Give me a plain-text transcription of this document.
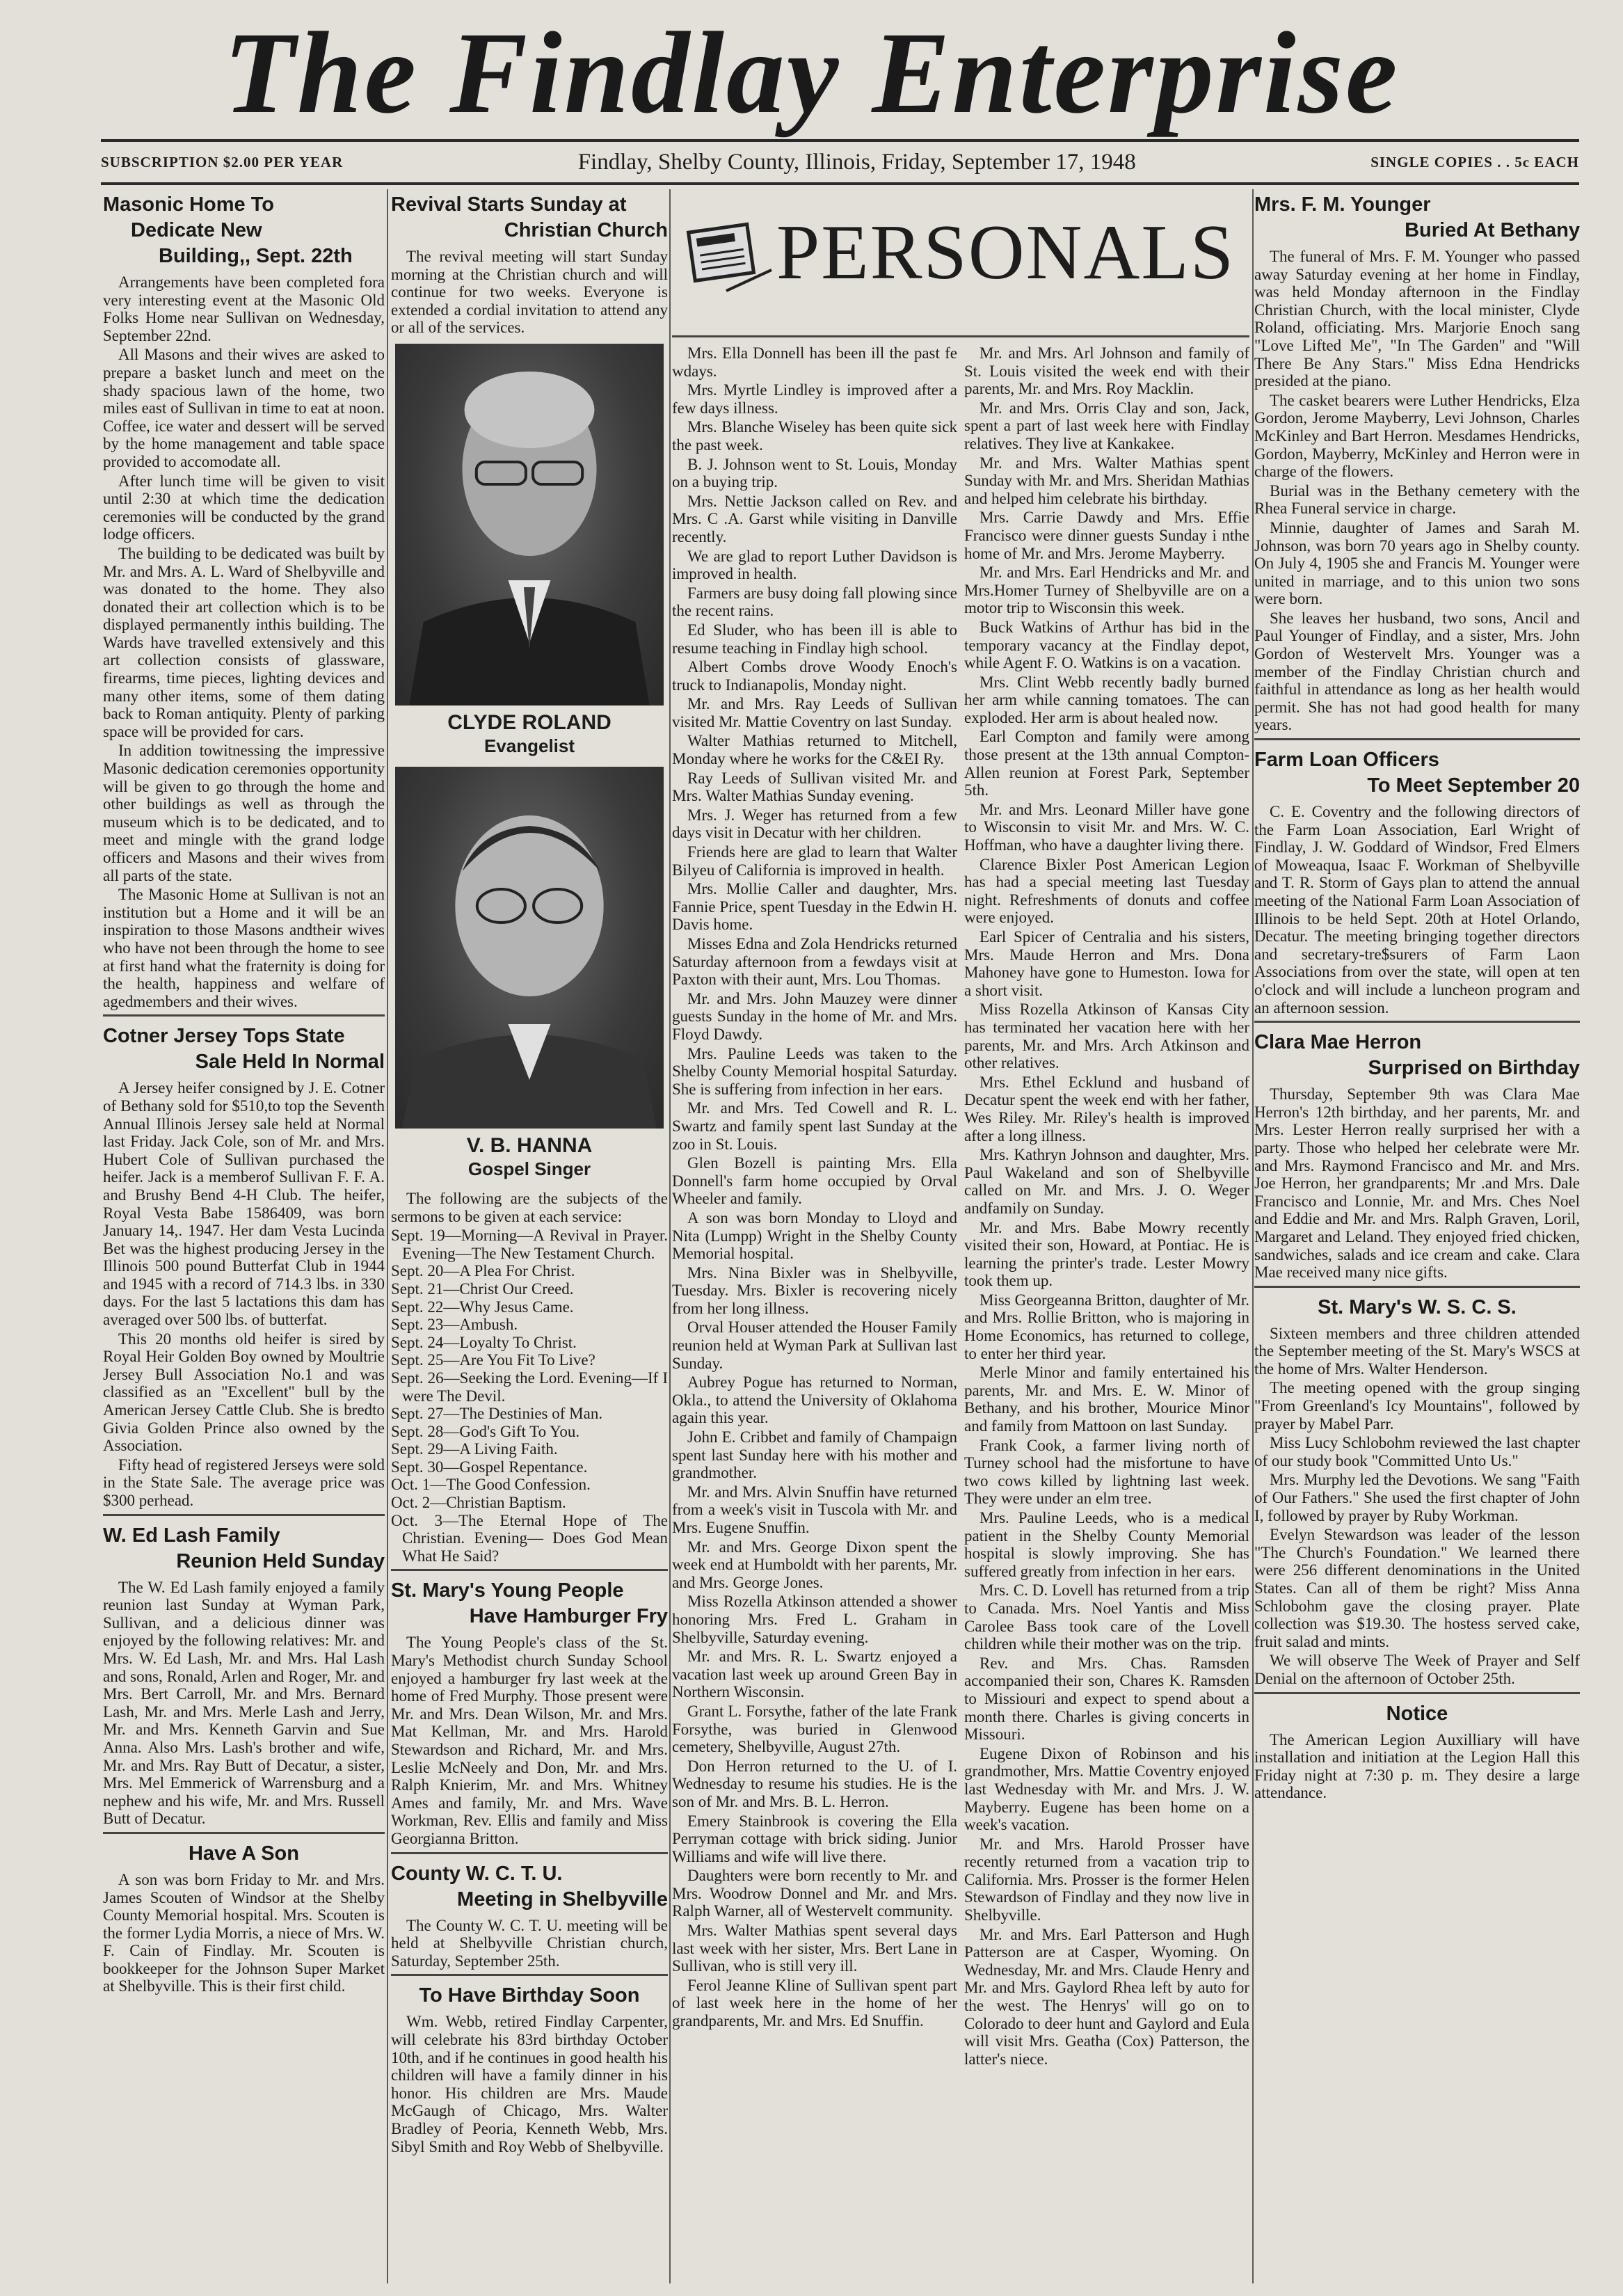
The Findlay Enterprise
SUBSCRIPTION $2.00 PER YEAR	Findlay, Shelby County, Illinois, Friday, September 17, 1948	SINGLE COPIES . . 5c EACH
Masonic Home To
Dedicate New
Building,, Sept. 22th

Arrangements have been completed fora very interesting event at the Masonic Old Folks Home near Sullivan on Wednesday, September 22nd.

All Masons and their wives are asked to prepare a basket lunch and meet on the shady spacious lawn of the home, two miles east of Sullivan in time to eat at noon. Coffee, ice water and dessert will be served by the home management and table space provided to accomodate all.

After lunch time will be given to visit until 2:30 at which time the dedication ceremonies will be conducted by the grand lodge officers.

The building to be dedicated was built by Mr. and Mrs. A. L. Ward of Shelbyville and was donated to the home. They also donated their art collection which is to be displayed permanently inthis building. The Wards have travelled extensively and this art collection consists of glassware, firearms, time pieces, lighting devices and many other items, some of them dating back to Roman antiquity. Plenty of parking space will be provided for cars.

In addition towitnessing the impressive Masonic dedication ceremonies opportunity will be given to go through the home and other buildings as well as through the museum which is to be dedicated, and to meet and mingle with the grand lodge officers and Masons and their wives from all parts of the state.

The Masonic Home at Sullivan is not an institution but a Home and it will be an inspiration to those Masons andtheir wives who have not been through the home to see at first hand what the fraternity is doing for the health, happiness and welfare of agedmembers and their wives.

Cotner Jersey Tops State
Sale Held In Normal

A Jersey heifer consigned by J. E. Cotner of Bethany sold for $510,to top the Seventh Annual Illinois Jersey sale held at Normal last Friday. Jack Cole, son of Mr. and Mrs. Hubert Cole of Sullivan purchased the heifer. Jack is a memberof Sullivan F. F. A. and Brushy Bend 4-H Club. The heifer, Royal Vesta Babe 1586409, was born January 14,. 1947. Her dam Vesta Lucinda Bet was the highest producing Jersey in the Illinois 500 pound Butterfat Club in 1944 and 1945 with a record of 714.3 lbs. in 330 days. For the last 5 lactations this dam has averaged over 500 lbs. of butterfat.

This 20 months old heifer is sired by Royal Heir Golden Boy owned by Moultrie Jersey Bull Association No.1 and was classified as an "Excellent" bull by the American Jersey Cattle Club. She is bredto Givia Golden Prince also owned by the Association.

Fifty head of registered Jerseys were sold in the State Sale. The average price was $300 perhead.

W. Ed Lash Family
Reunion Held Sunday

The W. Ed Lash family enjoyed a family reunion last Sunday at Wyman Park, Sullivan, and a delicious dinner was enjoyed by the following relatives: Mr. and Mrs. W. Ed Lash, Mr. and Mrs. Hal Lash and sons, Ronald, Arlen and Roger, Mr. and Mrs. Bert Carroll, Mr. and Mrs. Bernard Lash, Mr. and Mrs. Merle Lash and Jerry, Mr. and Mrs. Kenneth Garvin and Sue Anna. Also Mrs. Lash's brother and wife, Mr. and Mrs. Ray Butt of Decatur, a sister, Mrs. Mel Emmerick of Warrensburg and a nephew and his wife, Mr. and Mrs. Russell Butt of Decatur.

Have A Son

A son was born Friday to Mr. and Mrs. James Scouten of Windsor at the Shelby County Memorial hospital. Mrs. Scouten is the former Lydia Morris, a niece of Mrs. W. F. Cain of Findlay. Mr. Scouten is bookkeeper for the Johnson Super Market at Shelbyville. This is their first child.

Revival Starts Sunday at
Christian Church

The revival meeting will start Sunday morning at the Christian church and will continue for two weeks. Everyone is extended a cordial invitation to attend any or all of the services.

CLYDE ROLAND
Evangelist
V. B. HANNA
Gospel Singer

The following are the subjects of the sermons to be given at each service:

Sept. 19—Morning—A Revival in Prayer. Evening—The New Testament Church.
Sept. 20—A Plea For Christ.
Sept. 21—Christ Our Creed.
Sept. 22—Why Jesus Came.
Sept. 23—Ambush.
Sept. 24—Loyalty To Christ.
Sept. 25—Are You Fit To Live?
Sept. 26—Seeking the Lord. Evening—If I were The Devil.
Sept. 27—The Destinies of Man.
Sept. 28—God's Gift To You.
Sept. 29—A Living Faith.
Sept. 30—Gospel Repentance.
Oct. 1—The Good Confession.
Oct. 2—Christian Baptism.
Oct. 3—The Eternal Hope of The Christian. Evening— Does God Mean What He Said?
St. Mary's Young People
Have Hamburger Fry

The Young People's class of the St. Mary's Methodist church Sunday School enjoyed a hamburger fry last week at the home of Fred Murphy. Those present were Mr. and Mrs. Dean Wilson, Mr. and Mrs. Mat Kellman, Mr. and Mrs. Harold Stewardson and Richard, Mr. and Mrs. Leslie McNeely and Don, Mr. and Mrs. Ralph Knierim, Mr. and Mrs. Whitney Ames and family, Mr. and Mrs. Wave Workman, Rev. Ellis and family and Miss Georgianna Britton.

County W. C. T. U.
Meeting in Shelbyville

The County W. C. T. U. meeting will be held at Shelbyville Christian church, Saturday, September 25th.

To Have Birthday Soon

Wm. Webb, retired Findlay Carpenter, will celebrate his 83rd birthday October 10th, and if he continues in good health his children will have a family dinner in his honor. His children are Mrs. Maude McGaugh of Chicago, Mrs. Walter Bradley of Peoria, Kenneth Webb, Mrs. Sibyl Smith and Roy Webb of Shelbyville.

PERSONALS

Mrs. Ella Donnell has been ill the past fe wdays.

Mrs. Myrtle Lindley is improved after a few days illness.

Mrs. Blanche Wiseley has been quite sick the past week.

B. J. Johnson went to St. Louis, Monday on a buying trip.

Mrs. Nettie Jackson called on Rev. and Mrs. C .A. Garst while visiting in Danville recently.

We are glad to report Luther Davidson is improved in health.

Farmers are busy doing fall plowing since the recent rains.

Ed Sluder, who has been ill is able to resume teaching in Findlay high school.

Albert Combs drove Woody Enoch's truck to Indianapolis, Monday night.

Mr. and Mrs. Ray Leeds of Sullivan visited Mr. Mattie Coventry on last Sunday.

Walter Mathias returned to Mitchell, Monday where he works for the C&EI Ry.

Ray Leeds of Sullivan visited Mr. and Mrs. Walter Mathias Sunday evening.

Mrs. J. Weger has returned from a few days visit in Decatur with her children.

Friends here are glad to learn that Walter Bilyeu of California is improved in health.

Mrs. Mollie Caller and daughter, Mrs. Fannie Price, spent Tuesday in the Edwin H. Davis home.

Misses Edna and Zola Hendricks returned Saturday afternoon from a fewdays visit at Paxton with their aunt, Mrs. Lou Thomas.

Mr. and Mrs. John Mauzey were dinner guests Sunday in the home of Mr. and Mrs. Floyd Dawdy.

Mrs. Pauline Leeds was taken to the Shelby County Memorial hospital Saturday. She is suffering from infection in her ears.

Mr. and Mrs. Ted Cowell and R. L. Swartz and family spent last Sunday at the zoo in St. Louis.

Glen Bozell is painting Mrs. Ella Donnell's farm home occupied by Orval Wheeler and family.

A son was born Monday to Lloyd and Nita (Lumpp) Wright in the Shelby County Memorial hospital.

Mrs. Nina Bixler was in Shelbyville, Tuesday. Mrs. Bixler is recovering nicely from her long illness.

Orval Houser attended the Houser Family reunion held at Wyman Park at Sullivan last Sunday.

Aubrey Pogue has returned to Norman, Okla., to attend the University of Oklahoma again this year.

John E. Cribbet and family of Champaign spent last Sunday here with his mother and grandmother.

Mr. and Mrs. Alvin Snuffin have returned from a week's visit in Tuscola with Mr. and Mrs. Eugene Snuffin.

Mr. and Mrs. George Dixon spent the week end at Humboldt with her parents, Mr. and Mrs. George Jones.

Miss Rozella Atkinson attended a shower honoring Mrs. Fred L. Graham in Shelbyville, Saturday evening.

Mr. and Mrs. R. L. Swartz enjoyed a vacation last week up around Green Bay in Northern Wisconsin.

Grant L. Forsythe, father of the late Frank Forsythe, was buried in Glenwood cemetery, Shelbyville, August 27th.

Don Herron returned to the U. of I. Wednesday to resume his studies. He is the son of Mr. and Mrs. B. L. Herron.

Emery Stainbrook is covering the Ella Perryman cottage with brick siding. Junior Williams and wife will live there.

Daughters were born recently to Mr. and Mrs. Woodrow Donnel and Mr. and Mrs. Ralph Warner, all of Westervelt community.

Mrs. Walter Mathias spent several days last week with her sister, Mrs. Bert Lane in Sullivan, who is still very ill.

Ferol Jeanne Kline of Sullivan spent part of last week here in the home of her grandparents, Mr. and Mrs. Ed Snuffin.

Mr. and Mrs. Arl Johnson and family of St. Louis visited the week end with their parents, Mr. and Mrs. Roy Macklin.

Mr. and Mrs. Orris Clay and son, Jack, spent a part of last week here with Findlay relatives. They live at Kankakee.

Mr. and Mrs. Walter Mathias spent Sunday with Mr. and Mrs. Sheridan Mathias and helped him celebrate his birthday.

Mrs. Carrie Dawdy and Mrs. Effie Francisco were dinner guests Sunday i nthe home of Mr. and Mrs. Jerome Mayberry.

Mr. and Mrs. Earl Hendricks and Mr. and Mrs.Homer Turney of Shelbyville are on a motor trip to Wisconsin this week.

Buck Watkins of Arthur has bid in the temporary vacancy at the Findlay depot, while Agent F. O. Watkins is on a vacation.

Mrs. Clint Webb recently badly burned her arm while canning tomatoes. The can exploded. Her arm is about healed now.

Earl Compton and family were among those present at the 13th annual Compton-Allen reunion at Forest Park, September 5th.

Mr. and Mrs. Leonard Miller have gone to Wisconsin to visit Mr. and Mrs. W. C. Hoffman, who have a daughter living there.

Clarence Bixler Post American Legion has had a special meeting last Tuesday night. Refreshments of donuts and coffee were enjoyed.

Earl Spicer of Centralia and his sisters, Mrs. Maude Herron and Mrs. Dona Mahoney have gone to Humeston. Iowa for a short visit.

Miss Rozella Atkinson of Kansas City has terminated her vacation here with her parents, Mr. and Mrs. Arch Atkinson and other relatives.

Mrs. Ethel Ecklund and husband of Decatur spent the week end with her father, Wes Riley. Mr. Riley's health is improved after a long illness.

Mrs. Kathryn Johnson and daughter, Mrs. Paul Wakeland and son of Shelbyville called on Mr. and Mrs. J. O. Weger andfamily on Sunday.

Mr. and Mrs. Babe Mowry recently visited their son, Howard, at Pontiac. He is learning the printer's trade. Lester Mowry took them up.

Miss Georgeanna Britton, daughter of Mr. and Mrs. Rollie Britton, who is majoring in Home Economics, has returned to college, to enter her third year.

Merle Minor and family entertained his parents, Mr. and Mrs. E. W. Minor of Bethany, and his brother, Mourice Minor and family from Mattoon on last Sunday.

Frank Cook, a farmer living north of Turney school had the misfortune to have two cows killed by lightning last week. They were under an elm tree.

Mrs. Pauline Leeds, who is a medical patient in the Shelby County Memorial hospital is slowly improving. She has suffered greatly from infection in her ears.

Mrs. C. D. Lovell has returned from a trip to Canada. Mrs. Noel Yantis and Miss Carolee Bass took care of the Lovell children while their mother was on the trip.

Rev. and Mrs. Chas. Ramsden accompanied their son, Chares K. Ramsden to Missiouri and expect to spend about a month there. Charles is giving concerts in Missouri.

Eugene Dixon of Robinson and his grandmother, Mrs. Mattie Coventry enjoyed last Wednesday with Mr. and Mrs. J. W. Mayberry. Eugene has been home on a week's vacation.

Mr. and Mrs. Harold Prosser have recently returned from a vacation trip to California. Mrs. Prosser is the former Helen Stewardson of Findlay and they now live in Shelbyville.

Mr. and Mrs. Earl Patterson and Hugh Patterson are at Casper, Wyoming. On Wednesday, Mr. and Mrs. Claude Henry and Mr. and Mrs. Gaylord Rhea left by auto for the west. The Henrys' will go on to Colorado to deer hunt and Gaylord and Eula will visit Mrs. Geatha (Cox) Patterson, the latter's niece.

Mrs. F. M. Younger
Buried At Bethany

The funeral of Mrs. F. M. Younger who passed away Saturday evening at her home in Findlay, was held Monday afternoon in the Findlay Christian Church, with the local minister, Clyde Roland, officiating. Mrs. Marjorie Enoch sang "Love Lifted Me", "In The Garden" and "Will There Be Any Stars." Miss Edna Hendricks presided at the piano.

The casket bearers were Luther Hendricks, Elza Gordon, Jerome Mayberry, Levi Johnson, Charles McKinley and Bart Herron. Mesdames Hendricks, Gordon, Mayberry, McKinley and Herron were in charge of the flowers.

Burial was in the Bethany cemetery with the Rhea Funeral service in charge.

Minnie, daughter of James and Sarah M. Johnson, was born 70 years ago in Shelby county. On July 4, 1905 she and Francis M. Younger were united in marriage, and to this union two sons were born.

She leaves her husband, two sons, Ancil and Paul Younger of Findlay, and a sister, Mrs. John Gordon of Westervelt Mrs. Younger was a member of the Findlay Christian church and faithful in attendance as long as her health would permit. She has not had good health for many years.

Farm Loan Officers
To Meet September 20

C. E. Coventry and the following directors of the Farm Loan Association, Earl Wright of Findlay, J. W. Goddard of Windsor, Fred Elmers of Moweaqua, Isaac F. Workman of Shelbyville and T. R. Storm of Gays plan to attend the annual meeting of the National Farm Loan Association of Illinois to be held Sept. 20th at Hotel Orlando, Decatur. The meeting bringing together directors and secretary-tre$surers of Farm Laon Associations from over the state, will open at ten o'clock and will include a luncheon program and an afternoon session.

Clara Mae Herron
Surprised on Birthday

Thursday, September 9th was Clara Mae Herron's 12th birthday, and her parents, Mr. and Mrs. Lester Herron really surprised her with a party. Those who helped her celebrate were Mr. and Mrs. Raymond Francisco and Mr. and Mrs. Joe Herron, her grandparents; Mr .and Mrs. Dale Francisco and Lonnie, Mr. and Mrs. Ches Noel and Eddie and Mr. and Mrs. Ralph Graven, Loril, Margaret and Leland. They enjoyed fried chicken, sandwiches, salads and ice cream and cake. Clara Mae received many nice gifts.

St. Mary's W. S. C. S.

Sixteen members and three children attended the September meeting of the St. Mary's WSCS at the home of Mrs. Walter Henderson.

The meeting opened with the group singing "From Greenland's Icy Mountains", followed by prayer by Mabel Parr.

Miss Lucy Schlobohm reviewed the last chapter of our study book "Committed Unto Us."

Mrs. Murphy led the Devotions. We sang "Faith of Our Fathers." She used the first chapter of John I, followed by prayer by Ruby Workman.

Evelyn Stewardson was leader of the lesson "The Church's Foundation." We learned there were 256 different denominations in the United States. Can all of them be right? Miss Anna Schlobohm gave the closing prayer. Plate collection was $19.30. The hostess served cake, fruit salad and mints.

We will observe The Week of Prayer and Self Denial on the afternoon of October 25th.

Notice

The American Legion Auxilliary will have installation and initiation at the Legion Hall this Friday night at 7:30 p. m. They desire a large attendance.
